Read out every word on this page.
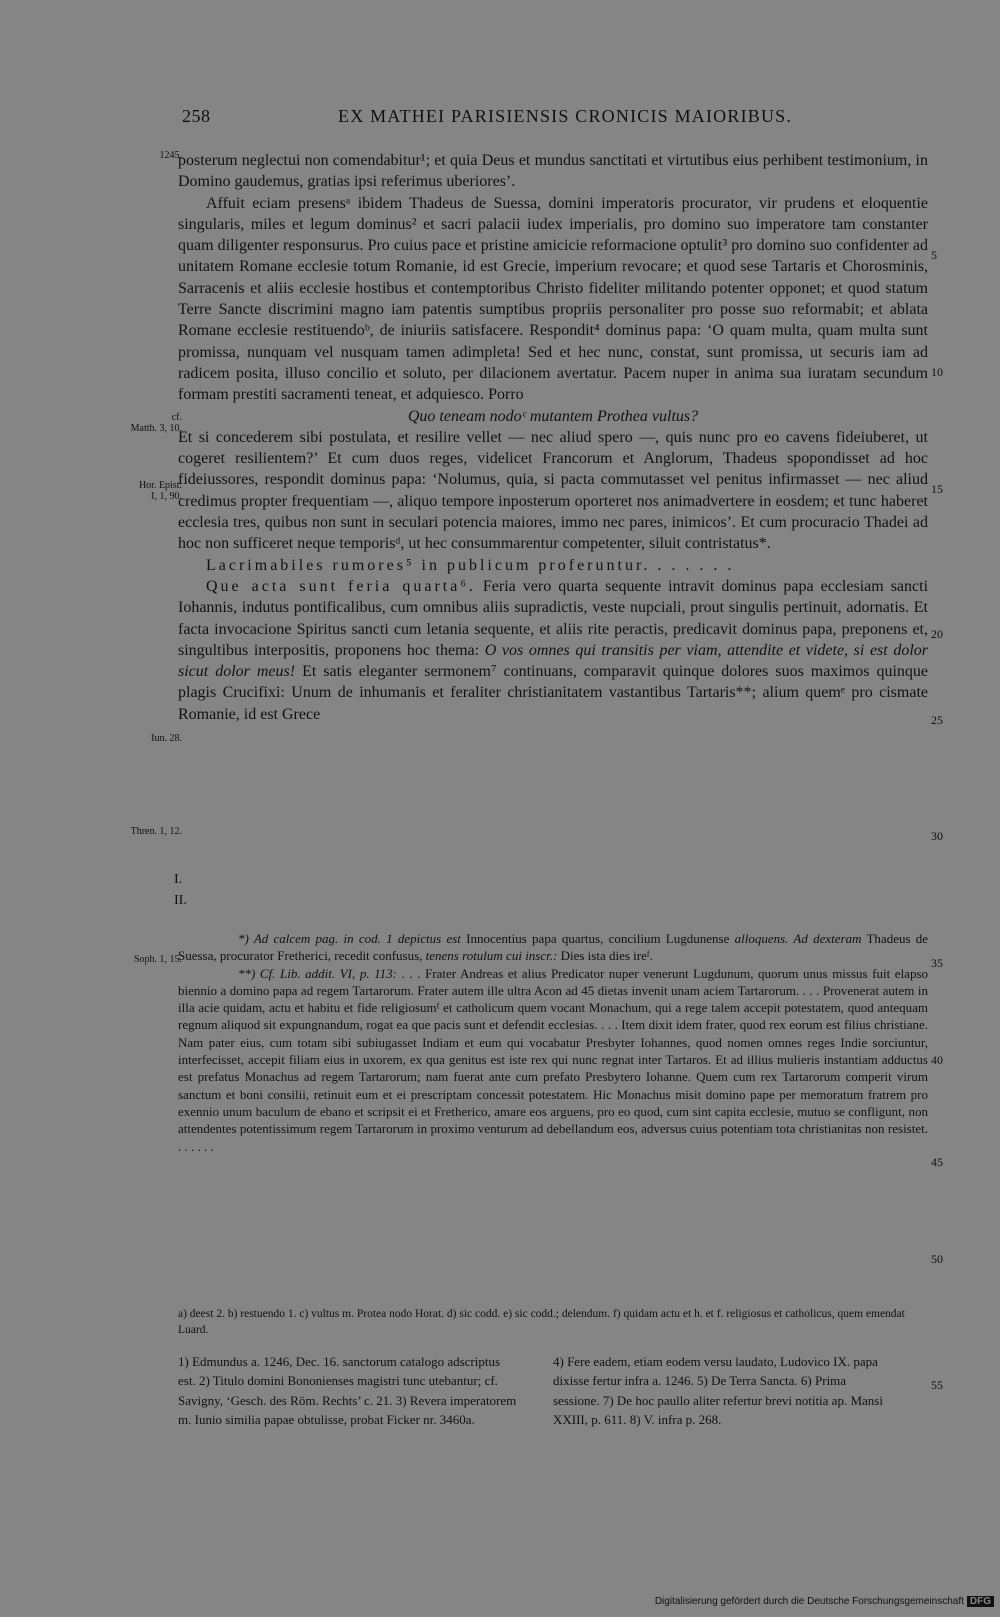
258	EX MATHEI PARISIENSIS CRONICIS MAIORIBUS.
1245.
cf.
Matth. 3, 10.
Hor. Epist.
I, 1, 90.
Iun. 28.
Thren. 1, 12.
Soph. 1, 15.
5
10
15
20
25
30
35
40
45
50
55

posterum neglectui non comendabitur¹; et quia Deus et mundus sanctitati et virtutibus eius perhibent testimonium, in Domino gaudemus, gratias ipsi referimus uberiores’.

Affuit eciam presensᵃ ibidem Thadeus de Suessa, domini imperatoris procurator, vir prudens et eloquentie singularis, miles et legum dominus² et sacri palacii iudex imperialis, pro domino suo imperatore tam constanter quam diligenter responsurus. Pro cuius pace et pristine amicicie reformacione optulit³ pro domino suo confidenter ad unitatem Romane ecclesie totum Romanie, id est Grecie, imperium revocare; et quod sese Tartaris et Chorosminis, Sarracenis et aliis ecclesie hostibus et contemptoribus Christo fideliter militando potenter opponet; et quod statum Terre Sancte discrimini magno iam patentis sumptibus propriis personaliter pro posse suo reformabit; et ablata Romane ecclesie restituendoᵇ, de iniuriis satisfacere. Respondit⁴ dominus papa: ‘O quam multa, quam multa sunt promissa, nunquam vel nusquam tamen adimpleta! Sed et hec nunc, constat, sunt promissa, ut securis iam ad radicem posita, illuso concilio et soluto, per dilacionem avertatur. Pacem nuper in anima sua iuratam secundum formam prestiti sacramenti teneat, et adquiesco. Porro

Quo teneam nodoᶜ mutantem Prothea vultus?

Et si concederem sibi postulata, et resilire vellet — nec aliud spero —, quis nunc pro eo cavens fideiuberet, ut cogeret resilientem?’ Et cum duos reges, videlicet Francorum et Anglorum, Thadeus spopondisset ad hoc fideiussores, respondit dominus papa: ‘Nolumus, quia, si pacta commutasset vel penitus infirmasset — nec aliud credimus propter frequentiam —, aliquo tempore inposterum oporteret nos animadvertere in eosdem; et tunc haberet ecclesia tres, quibus non sunt in seculari potencia maiores, immo nec pares, inimicos’. Et cum procuracio Thadei ad hoc non sufficeret neque temporisᵈ, ut hec consummarentur competenter, siluit contristatus*.

Lacrimabiles rumores⁵ in publicum proferuntur. . . . . . .

Que acta sunt feria quarta⁶. Feria vero quarta sequente intravit dominus papa ecclesiam sancti Iohannis, indutus pontificalibus, cum omnibus aliis supradictis, veste nupciali, prout singulis pertinuit, adornatis. Et facta invocacione Spiritus sancti cum letania sequente, et aliis rite peractis, predicavit dominus papa, preponens et, singultibus interpositis, proponens hoc thema: O vos omnes qui transitis per viam, attendite et videte, si est dolor sicut dolor meus! Et satis eleganter sermonem⁷ continuans, comparavit quinque dolores suos maximos quinque plagis Crucifixi: Unum de inhumanis et feraliter christianitatem vastantibus Tartaris**; alium quemᵉ pro cismate Romanie, id est Grece

I.
II.
*) Ad calcem pag. in cod. 1 depictus est Innocentius papa quartus, concilium Lugdunense alloquens. Ad dexteram Thadeus de Suessa, procurator Fretherici, recedit confusus, tenens rotulum cui inscr.: Dies ista dies ireᶠ.
**) Cf. Lib. addit. VI, p. 113: . . . Frater Andreas et alius Predicator nuper venerunt Lugdunum, quorum unus missus fuit elapso biennio a domino papa ad regem Tartarorum. Frater autem ille ultra Acon ad 45 dietas invenit unam aciem Tartarorum. . . . Provenerat autem in illa acie quidam, actu et habitu et fide religiosumᶠ et catholicum quem vocant Monachum, qui a rege talem accepit potestatem, quod antequam regnum aliquod sit expungnandum, rogat ea que pacis sunt et defendit ecclesias. . . . Item dixit idem frater, quod rex eorum est filius christiane. Nam pater eius, cum totam sibi subiugasset Indiam et eum qui vocabatur Presbyter Iohannes, quod nomen omnes reges Indie sorciuntur, interfecisset, accepit filiam eius in uxorem, ex qua genitus est iste rex qui nunc regnat inter Tartaros. Et ad illius mulieris instantiam adductus est prefatus Monachus ad regem Tartarorum; nam fuerat ante cum prefato Presbytero Iohanne. Quem cum rex Tartarorum comperit virum sanctum et boni consilii, retinuit eum et ei prescriptam concessit potestatem. Hic Monachus misit domino pape per memoratum fratrem pro exennio unum baculum de ebano et scripsit ei et Fretherico, amare eos arguens, pro eo quod, cum sint capita ecclesie, mutuo se confligunt, non attendentes potentissimum regem Tartarorum in proximo venturum ad debellandum eos, adversus cuius potentiam tota christianitas non resistet. . . . . . .
a) deest 2. b) restuendo 1. c) vultus m. Protea nodo Horat. d) sic codd. e) sic codd.; delendum. f) quidam actu et h. et f. religiosus et catholicus, quem emendat Luard.
1) Edmundus a. 1246, Dec. 16. sanctorum catalogo adscriptus est. 2) Titulo domini Bononienses magistri tunc utebantur; cf. Savigny, ‘Gesch. des Röm. Rechts’ c. 21. 3) Revera imperatorem m. Iunio similia papae obtulisse, probat Ficker nr. 3460a.
4) Fere eadem, etiam eodem versu laudato, Ludovico IX. papa dixisse fertur infra a. 1246. 5) De Terra Sancta. 6) Prima sessione. 7) De hoc paullo aliter refertur brevi notitia ap. Mansi XXIII, p. 611. 8) V. infra p. 268.
Digitalisierung gefördert durch die Deutsche Forschungsgemeinschaft DFG
